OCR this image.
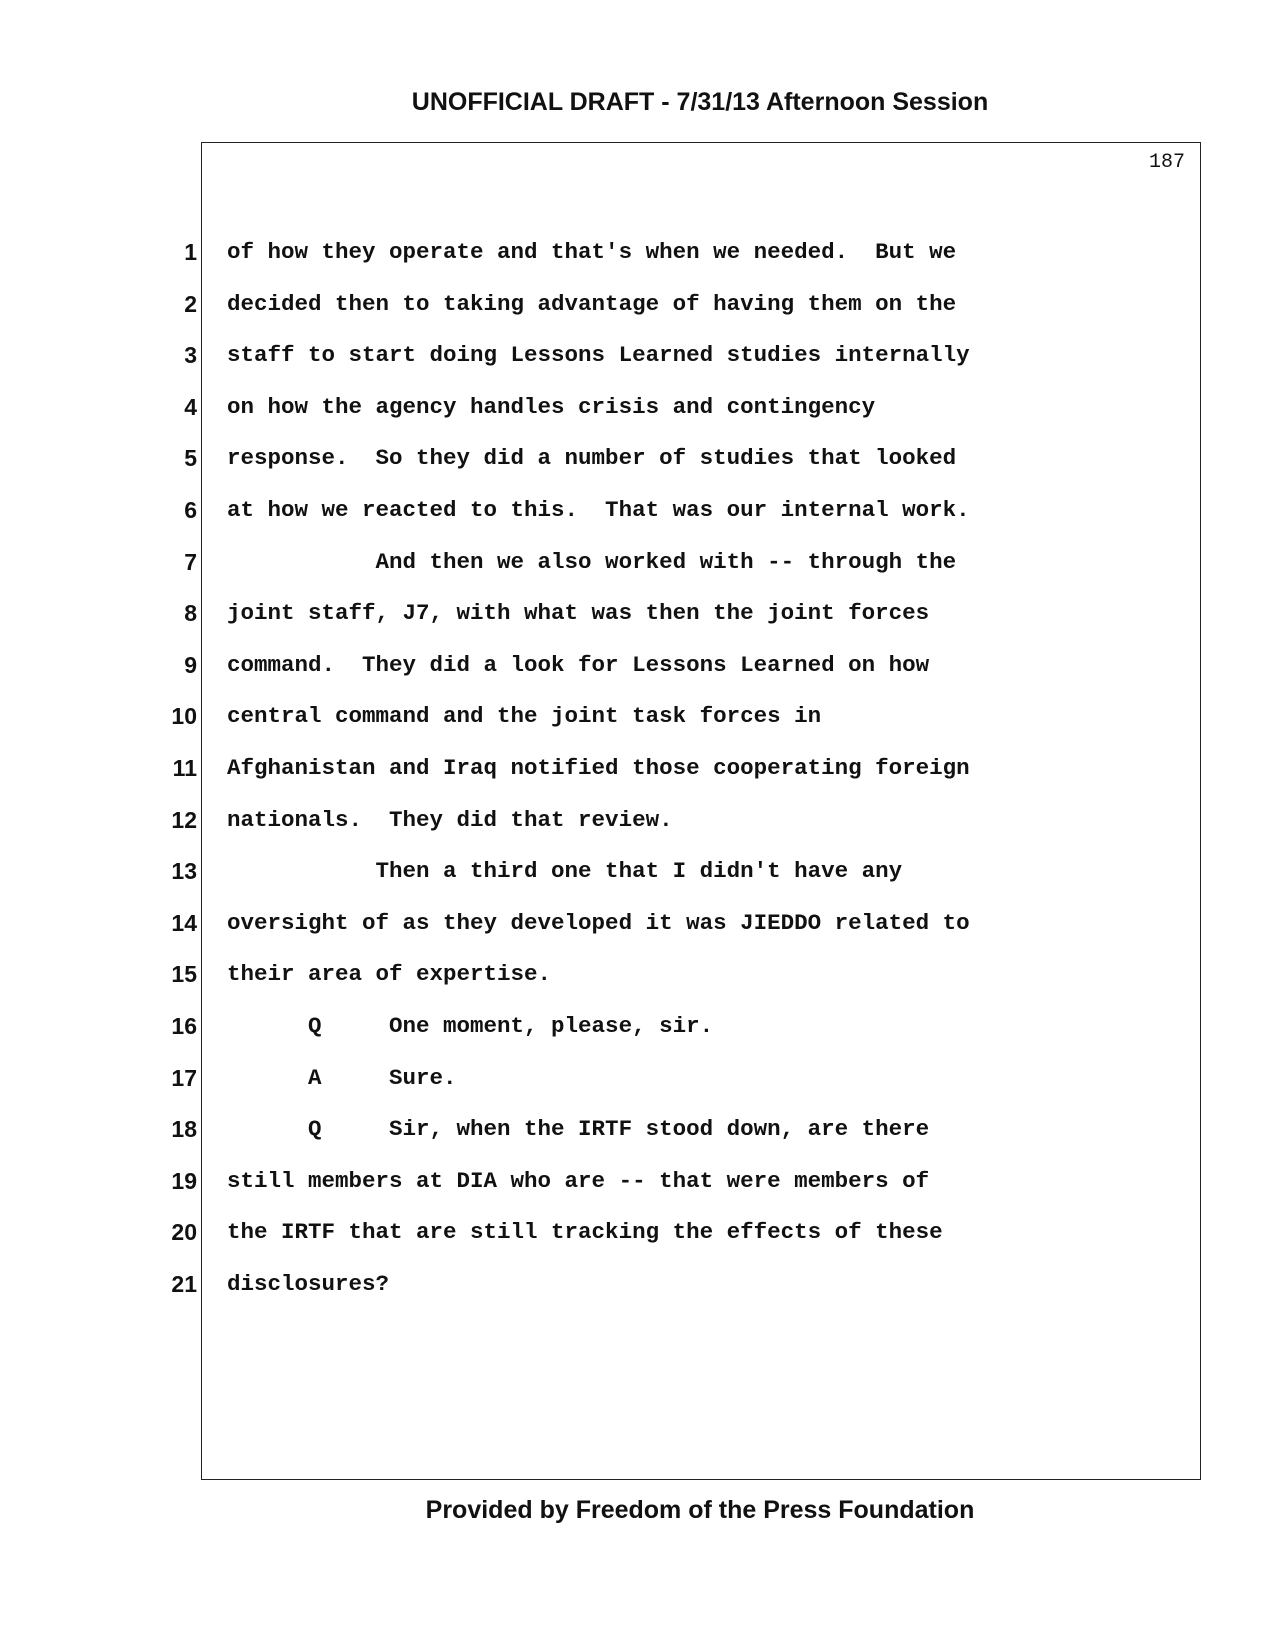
UNOFFICIAL DRAFT - 7/31/13 Afternoon Session
187
1 of how they operate and that's when we needed.  But we
2 decided then to taking advantage of having them on the
3 staff to start doing Lessons Learned studies internally
4 on how the agency handles crisis and contingency
5 response.  So they did a number of studies that looked
6 at how we reacted to this.  That was our internal work.
7 And then we also worked with -- through the
8 joint staff, J7, with what was then the joint forces
9 command.  They did a look for Lessons Learned on how
10 central command and the joint task forces in
11 Afghanistan and Iraq notified those cooperating foreign
12 nationals.  They did that review.
13 Then a third one that I didn't have any
14 oversight of as they developed it was JIEDDO related to
15 their area of expertise.
16 Q     One moment, please, sir.
17 A     Sure.
18 Q     Sir, when the IRTF stood down, are there
19 still members at DIA who are -- that were members of
20 the IRTF that are still tracking the effects of these
21 disclosures?

Provided by Freedom of the Press Foundation
